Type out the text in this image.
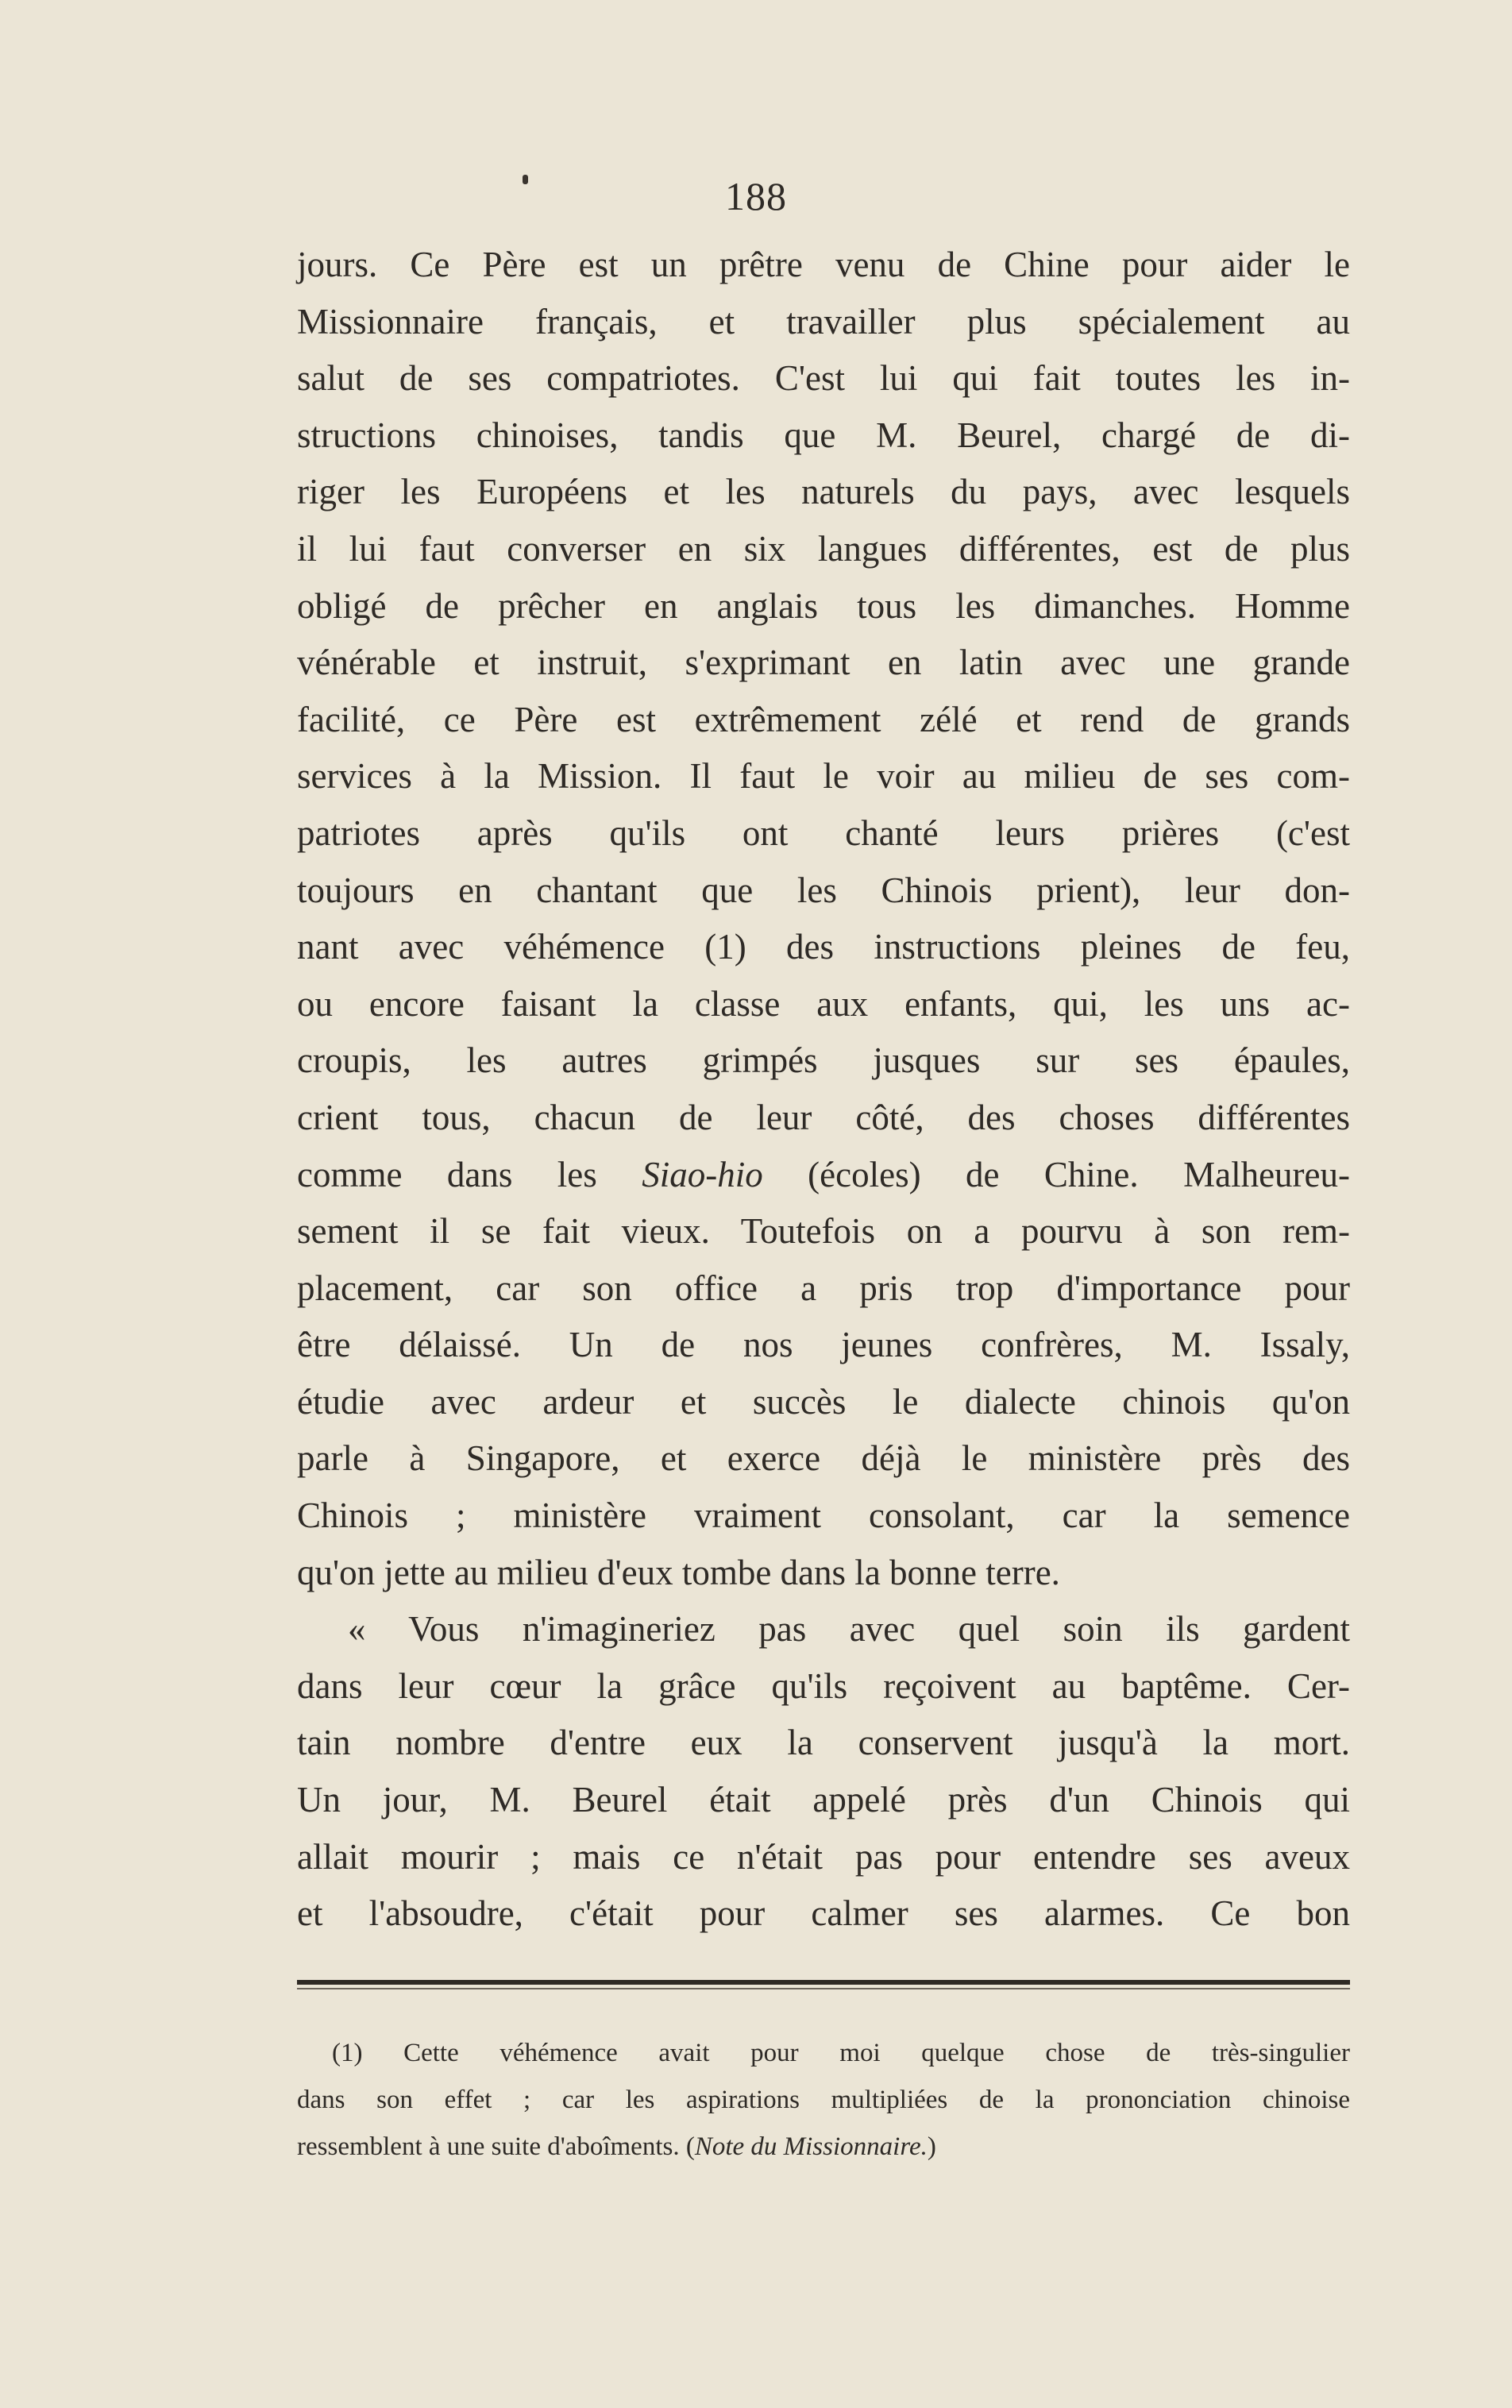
188
jours. Ce Père est un prêtre venu de Chine pour aider le
Missionnaire français, et travailler plus spécialement au
salut de ses compatriotes. C'est lui qui fait toutes les in-
structions chinoises, tandis que M. Beurel, chargé de di-
riger les Européens et les naturels du pays, avec lesquels
il lui faut converser en six langues différentes, est de plus
obligé de prêcher en anglais tous les dimanches. Homme
vénérable et instruit, s'exprimant en latin avec une grande
facilité, ce Père est extrêmement zélé et rend de grands
services à la Mission. Il faut le voir au milieu de ses com-
patriotes après qu'ils ont chanté leurs prières (c'est
toujours en chantant que les Chinois prient), leur don-
nant avec véhémence (1) des instructions pleines de feu,
ou encore faisant la classe aux enfants, qui, les uns ac-
croupis, les autres grimpés jusques sur ses épaules,
crient tous, chacun de leur côté, des choses différentes
comme dans les Siao-hio (écoles) de Chine. Malheureu-
sement il se fait vieux. Toutefois on a pourvu à son rem-
placement, car son office a pris trop d'importance pour
être délaissé. Un de nos jeunes confrères, M. Issaly,
étudie avec ardeur et succès le dialecte chinois qu'on
parle à Singapore, et exerce déjà le ministère près des
Chinois ; ministère vraiment consolant, car la semence
qu'on jette au milieu d'eux tombe dans la bonne terre.
« Vous n'imagineriez pas avec quel soin ils gardent
dans leur cœur la grâce qu'ils reçoivent au baptême. Cer-
tain nombre d'entre eux la conservent jusqu'à la mort.
Un jour, M. Beurel était appelé près d'un Chinois qui
allait mourir ; mais ce n'était pas pour entendre ses aveux
et l'absoudre, c'était pour calmer ses alarmes. Ce bon
(1) Cette véhémence avait pour moi quelque chose de très-singulier
dans son effet ; car les aspirations multipliées de la prononciation chinoise
ressemblent à une suite d'aboîments. (Note du Missionnaire.)
